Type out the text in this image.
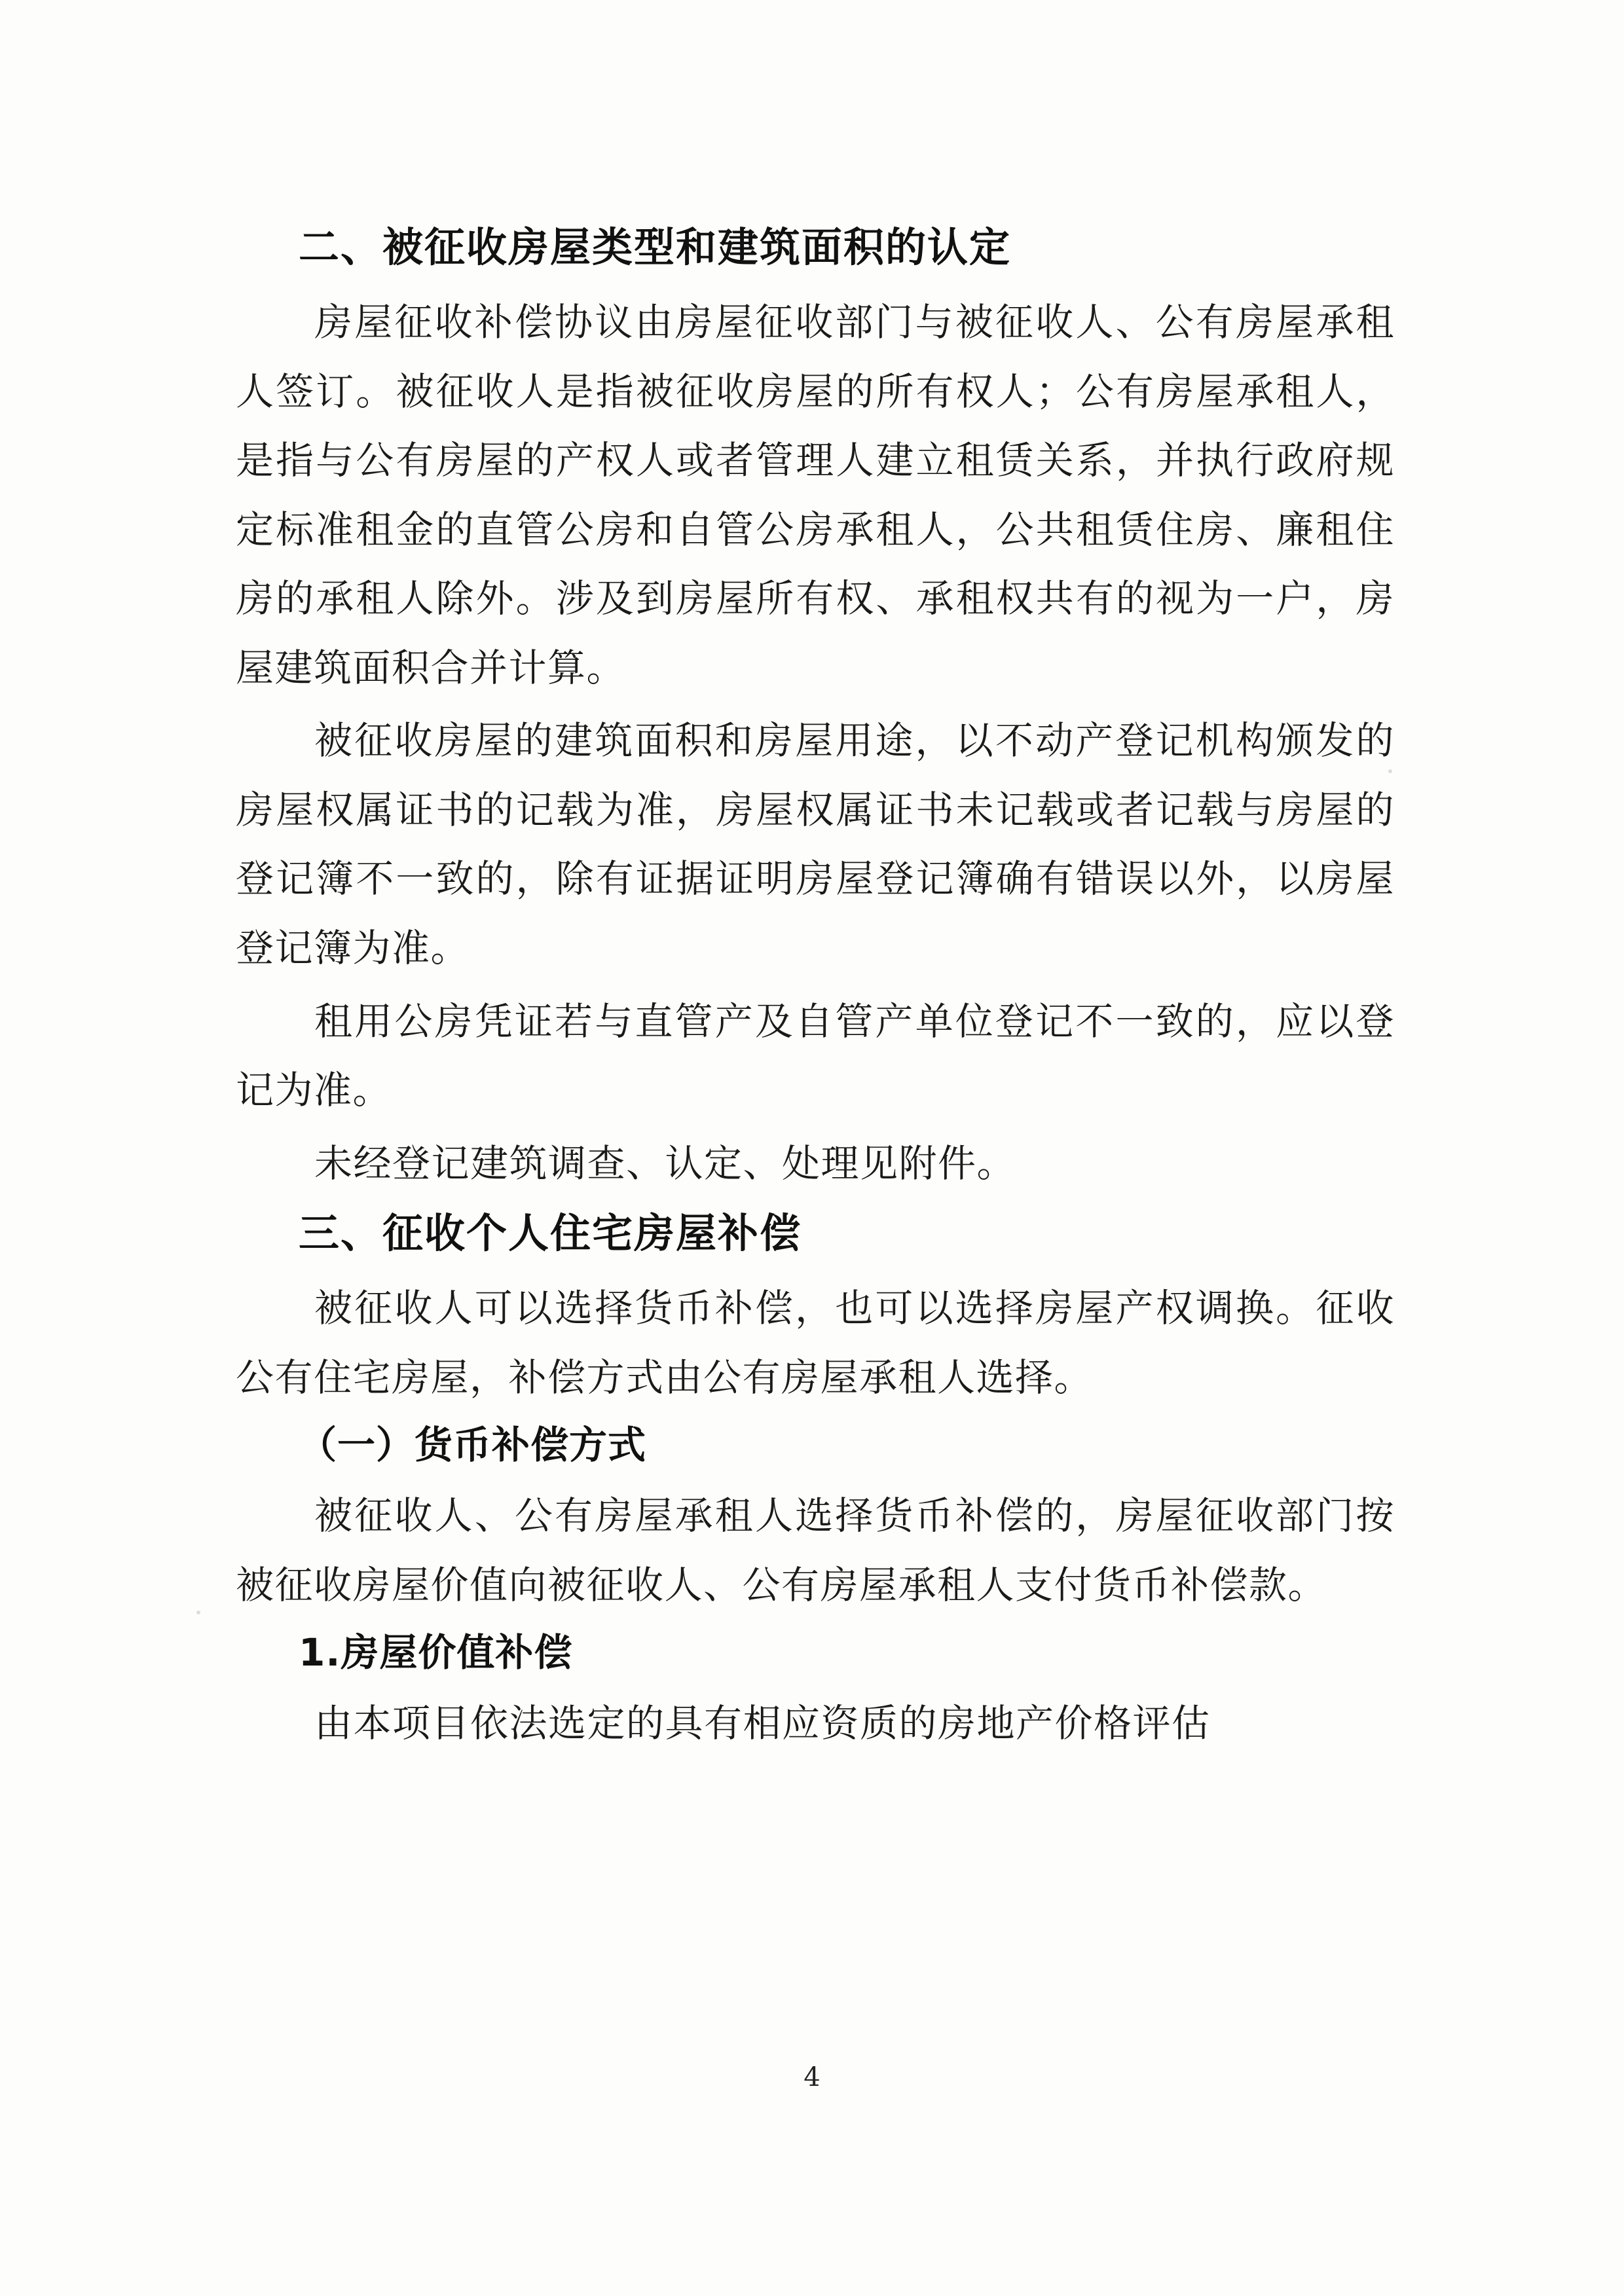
二、被征收房屋类型和建筑面积的认定

房屋征收补偿协议由房屋征收部门与被征收人、公有房屋承租人签订。被征收人是指被征收房屋的所有权人；公有房屋承租人，是指与公有房屋的产权人或者管理人建立租赁关系，并执行政府规定标准租金的直管公房和自管公房承租人，公共租赁住房、廉租住房的承租人除外。涉及到房屋所有权、承租权共有的视为一户，房屋建筑面积合并计算。

被征收房屋的建筑面积和房屋用途，以不动产登记机构颁发的房屋权属证书的记载为准，房屋权属证书未记载或者记载与房屋的登记簿不一致的，除有证据证明房屋登记簿确有错误以外，以房屋登记簿为准。

租用公房凭证若与直管产及自管产单位登记不一致的，应以登记为准。

未经登记建筑调查、认定、处理见附件。

三、征收个人住宅房屋补偿

被征收人可以选择货币补偿，也可以选择房屋产权调换。征收公有住宅房屋，补偿方式由公有房屋承租人选择。

（一）货币补偿方式

被征收人、公有房屋承租人选择货币补偿的，房屋征收部门按被征收房屋价值向被征收人、公有房屋承租人支付货币补偿款。

1.房屋价值补偿

由本项目依法选定的具有相应资质的房地产价格评估

4
